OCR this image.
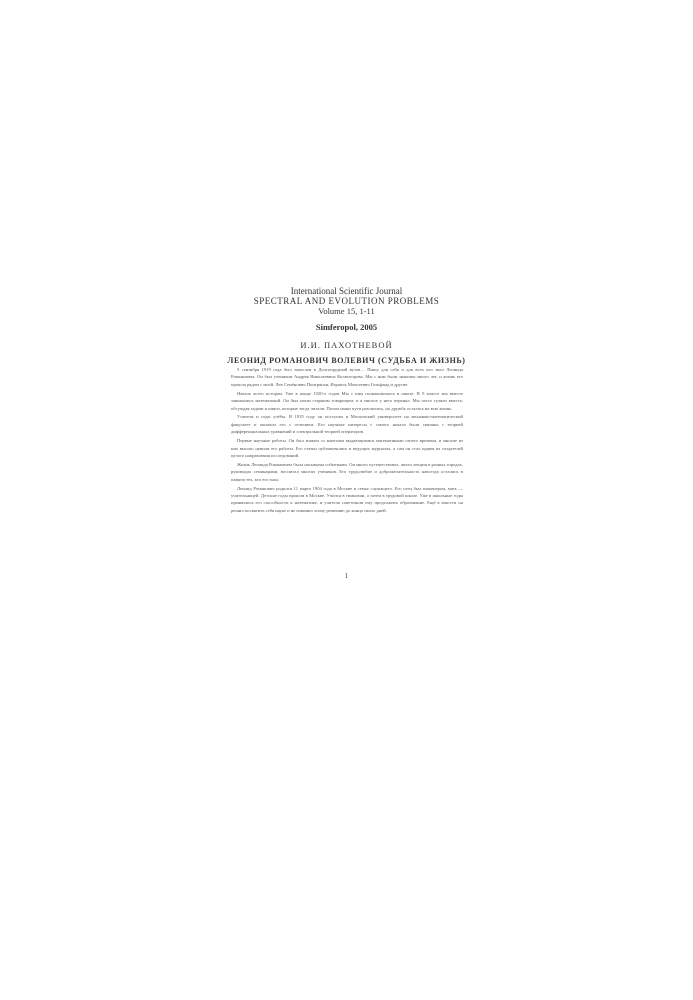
International Scientific Journal
SPECTRAL AND EVOLUTION PROBLEMS
Volume 15, 1-11
Simferopol, 2005
И.И. ПАХОТНЕВОЙ
ЛЕОНИД РОМАНОВИЧ ВОЛЕВИЧ (СУДЬБА И ЖИЗНЬ)

5 сентября 1919 года был зачислен в Долгопрудный вузов… Пишу для себя и для всех кто знал Леонида Романовича. Он был учеником Андрея Николаевича Колмогорова. Мы с ним были знакомы много лет, и жизнь его прошла рядом с моей. Лев Семёнович Понтрягин, Израиль Моисеевич Гельфанд и другие.

Начало всего истории. Уже в конце 1920-х годов Мы с ним познакомились в школе. В 9 классе мы вместе занимались математикой. Он был моим старшим товарищем, и я многое у него перенял. Мы часто гуляли вместе, обсуждая задачи и книги, которые тогда читали. Потом наши пути разошлись, но дружба осталась на всю жизнь.

Учителя и годы учёбы. В 1935 году он поступил в Московский университет на механико-математический факультет и окончил его с отличием. Его научные интересы с самого начала были связаны с теорией дифференциальных уравнений и спектральной теорией операторов.

Первые научные работы. Он был знаком со многими выдающимися математиками своего времени, и многие из них высоко ценили его работы. Его статьи публиковались в ведущих журналах, а сам он стал одним из создателей целого направления исследований.

Жизнь Леонида Романовича была насыщена событиями. Он много путешествовал, читал лекции в разных городах, руководил семинарами, воспитал многих учеников. Его трудолюбие и доброжелательность навсегда остались в памяти тех, кто его знал.

Леонид Романович родился 11 марта 1904 года в Москве в семье служащего. Его отец был инженером, мать — учительницей. Детские годы прошли в Москве. Учился в гимназии, а затем в трудовой школе. Уже в школьные годы проявились его способности к математике, и учителя советовали ему продолжить образование. Ещё в юности он решил посвятить себя науке и не изменил этому решению до конца своих дней.

1
